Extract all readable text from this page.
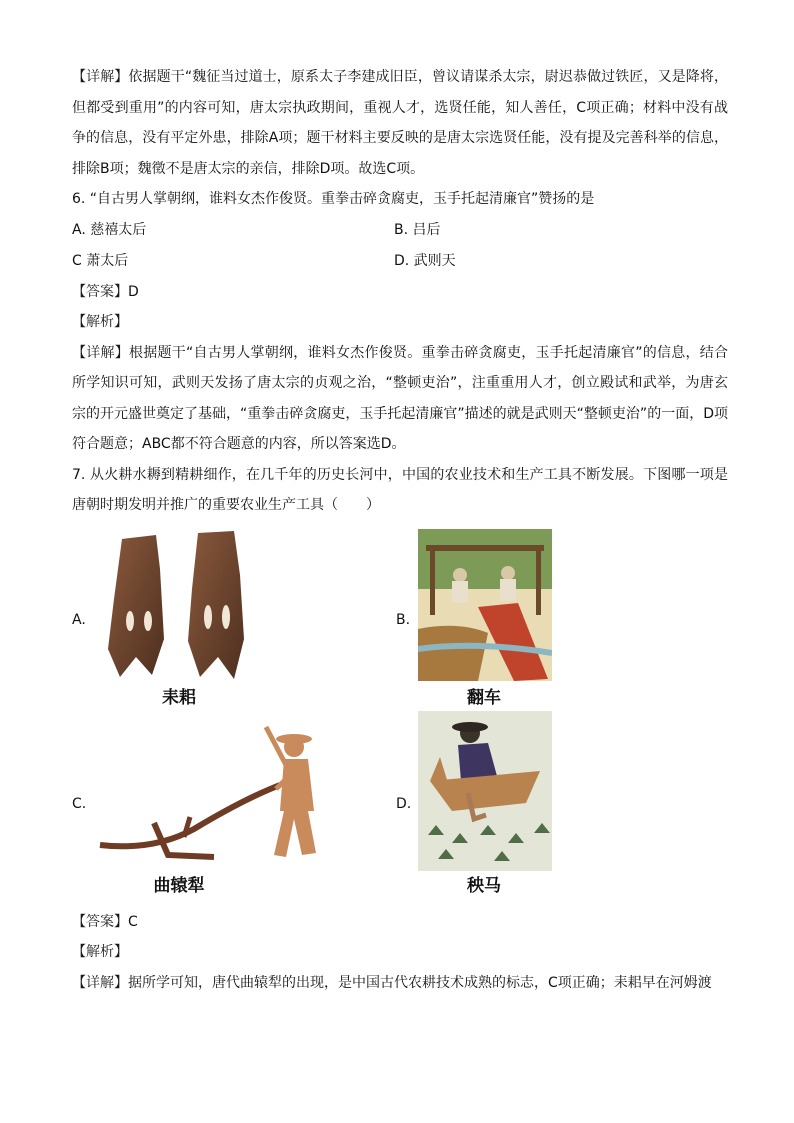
【详解】依据题干“魏征当过道士，原系太子李建成旧臣，曾议请谋杀太宗，尉迟恭做过铁匠，又是降将，但都受到重用”的内容可知，唐太宗执政期间，重视人才，选贤任能，知人善任，C项正确；材料中没有战争的信息，没有平定外患，排除A项；题干材料主要反映的是唐太宗选贤任能，没有提及完善科举的信息，排除B项；魏徵不是唐太宗的亲信，排除D项。故选C项。

6. “自古男人掌朝纲，谁料女杰作俊贤。重拳击碎贪腐吏，玉手托起清廉官”赞扬的是

A. 慈禧太后	B. 吕后
C 萧太后	D. 武则天

【答案】D

【解析】

【详解】根据题干“自古男人掌朝纲，谁料女杰作俊贤。重拳击碎贪腐吏，玉手托起清廉官”的信息，结合所学知识可知，武则天发扬了唐太宗的贞观之治，“整顿吏治”，注重重用人才，创立殿试和武举，为唐玄宗的开元盛世奠定了基础，“重拳击碎贪腐吏，玉手托起清廉官”描述的就是武则天“整顿吏治”的一面，D项符合题意；ABC都不符合题意的内容，所以答案选D。

7. 从火耕水耨到精耕细作，在几千年的历史长河中，中国的农业技术和生产工具不断发展。下图哪一项是唐朝时期发明并推广的重要农业生产工具（　　）

A.
耒耜
B.
翻车
C.
曲辕犁
D.
秧马

【答案】C

【解析】

【详解】据所学可知，唐代曲辕犁的出现，是中国古代农耕技术成熟的标志，C项正确；耒耜早在河姆渡
